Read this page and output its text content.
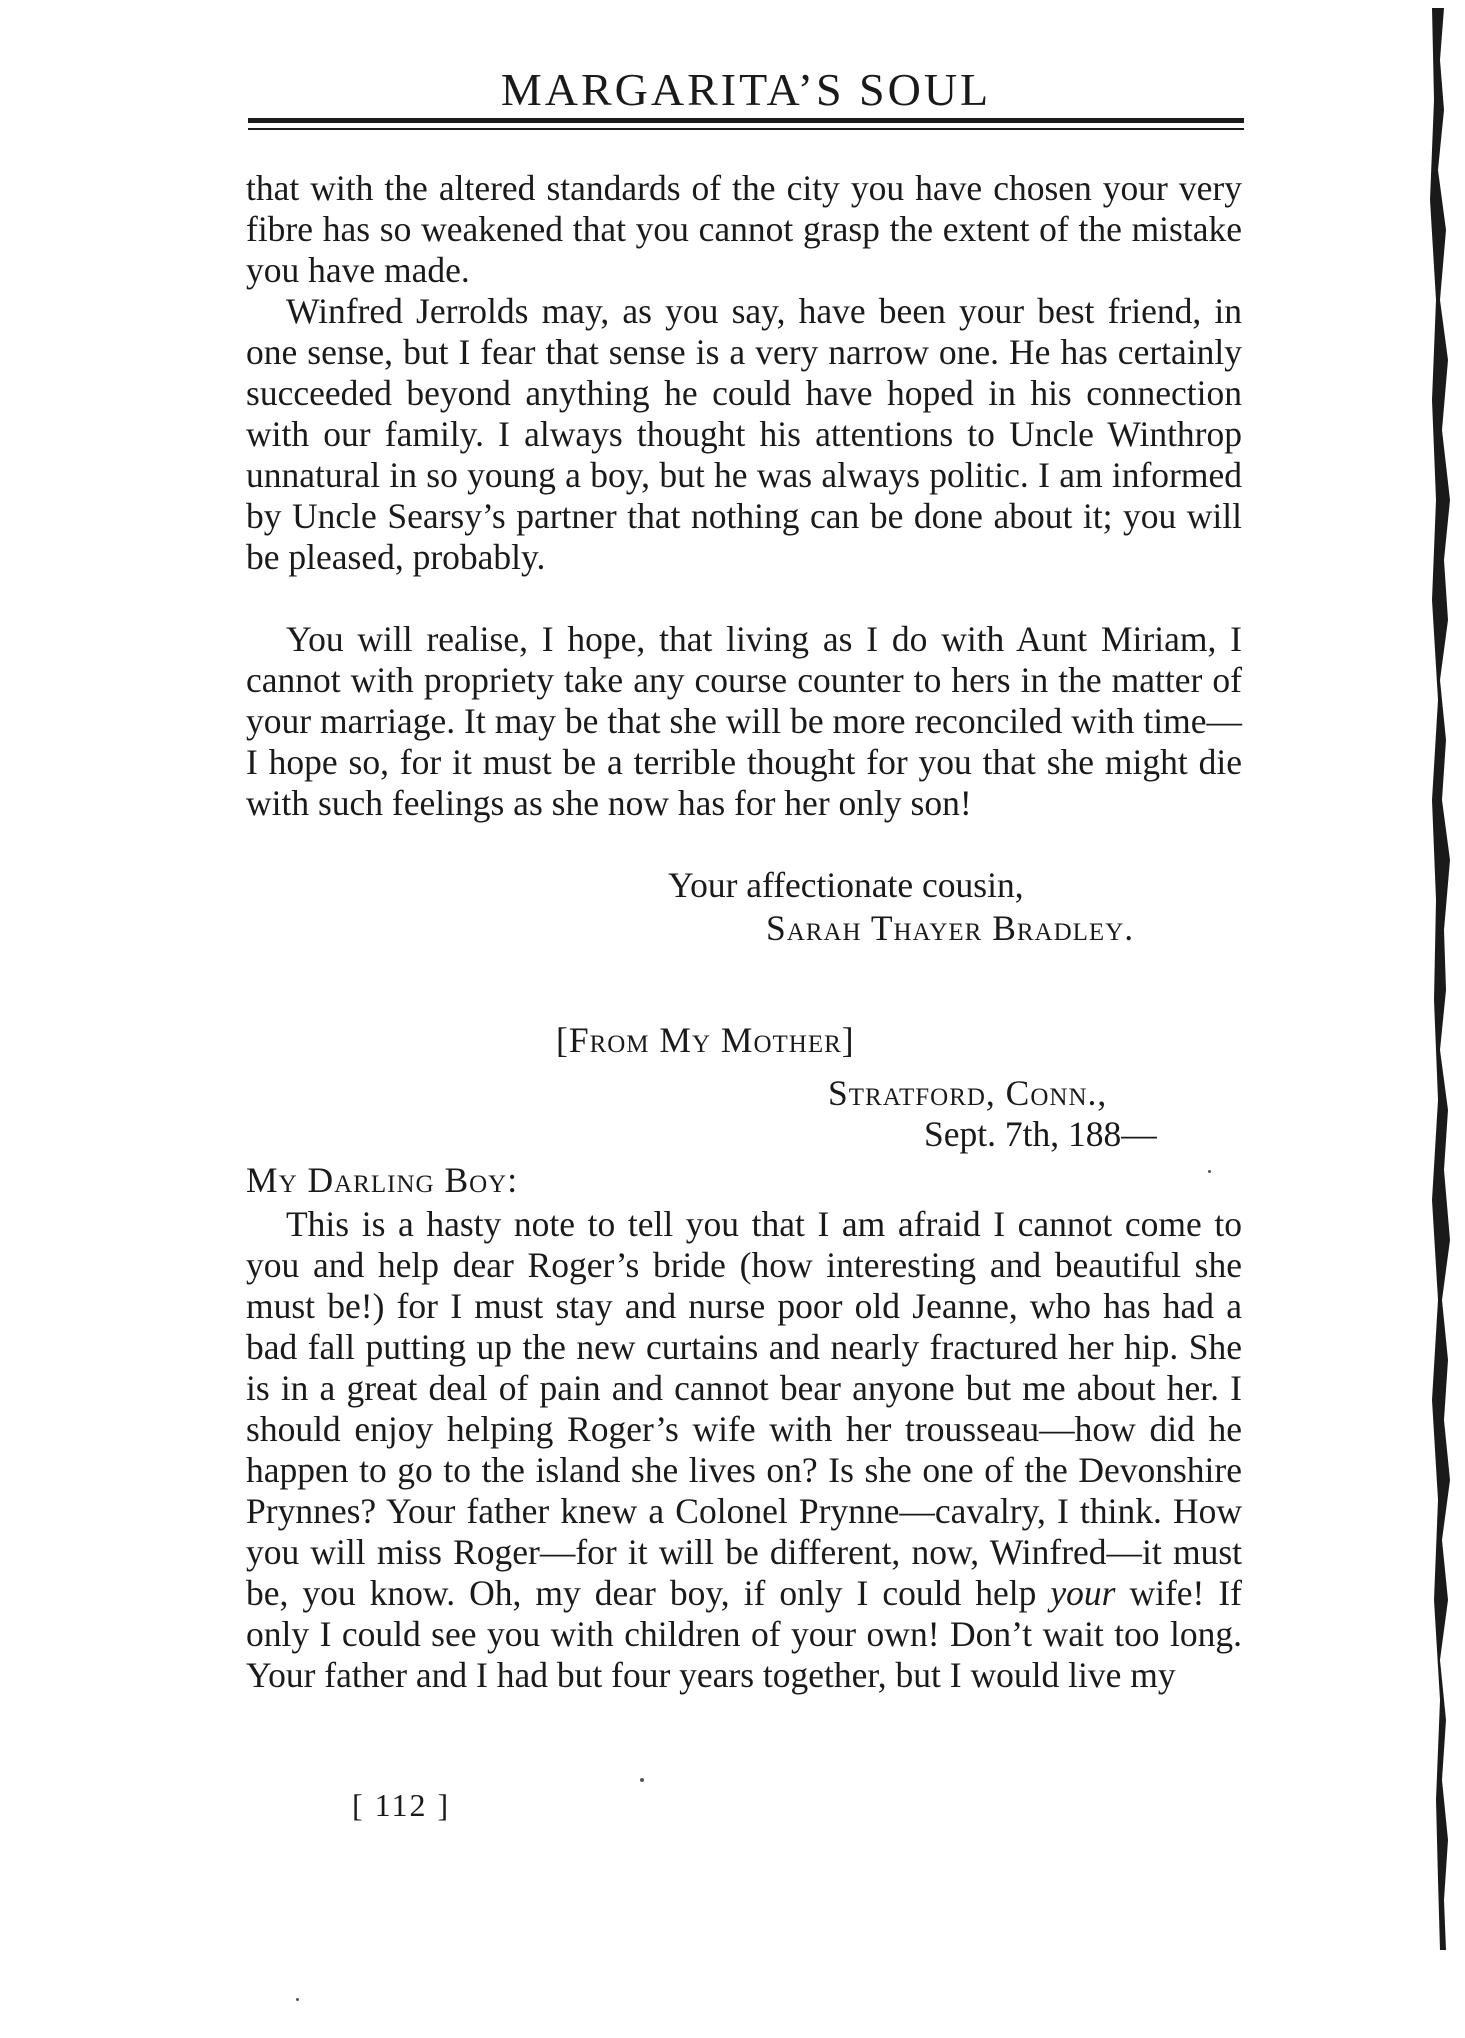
MARGARITA’S SOUL

that with the altered standards of the city you have chosen your very fibre has so weakened that you cannot grasp the extent of the mistake you have made.

Winfred Jerrolds may, as you say, have been your best friend, in one sense, but I fear that sense is a very narrow one. He has certainly succeeded beyond anything he could have hoped in his connection with our family. I always thought his attentions to Uncle Winthrop unnatural in so young a boy, but he was always politic. I am informed by Uncle Searsy’s partner that nothing can be done about it; you will be pleased, probably.

You will realise, I hope, that living as I do with Aunt Miriam, I cannot with propriety take any course counter to hers in the matter of your marriage. It may be that she will be more reconciled with time—I hope so, for it must be a terrible thought for you that she might die with such feelings as she now has for her only son!

Your affectionate cousin,
Sarah Thayer Bradley.
[From My Mother]
Stratford, Conn.,
Sept. 7th, 188—
My Darling Boy:

This is a hasty note to tell you that I am afraid I cannot come to you and help dear Roger’s bride (how interesting and beautiful she must be!) for I must stay and nurse poor old Jeanne, who has had a bad fall putting up the new curtains and nearly fractured her hip. She is in a great deal of pain and cannot bear anyone but me about her. I should enjoy helping Roger’s wife with her trousseau—how did he happen to go to the island she lives on? Is she one of the Devonshire Prynnes? Your father knew a Colonel Prynne—cavalry, I think. How you will miss Roger—for it will be different, now, Winfred—it must be, you know. Oh, my dear boy, if only I could help your wife! If only I could see you with children of your own! Don’t wait too long. Your father and I had but four years together, but I would live my

[ 112 ]
